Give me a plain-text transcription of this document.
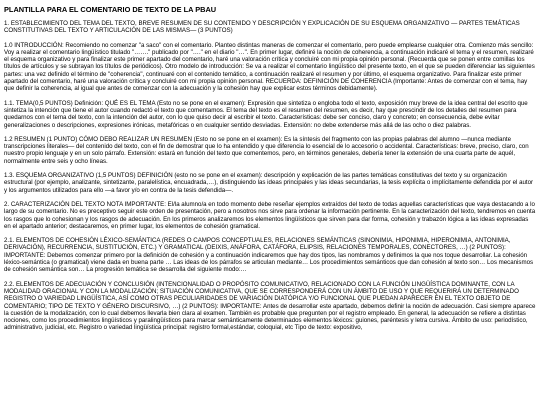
PLANTILLA PARA EL COMENTARIO DE TEXTO DE LA PBAU

1. ESTABLECIMIENTO DEL TEMA DEL TEXTO, BREVE RESUMEN DE SU CONTENIDO Y DESCRIPCIÓN Y EXPLICACIÓN DE SU ESQUEMA ORGANIZATIVO — PARTES TEMÁTICAS CONSTITUTIVAS DEL TEXTO Y ARTICULACIÓN DE LAS MISMAS— (3 PUNTOS)

1.0 INTRODUCCIÓN: Recomiendo no comenzar "a saco" con el comentario. Planteo distintas maneras de comenzar el comentario, pero puede emplearse cualquier otra. Comienzo más sencillo: Voy a realizar el comentario lingüístico titulado "……." publicado por "…." en el diario "…". En primer lugar, definiré la noción de coherencia, a continuación indicaré el tema y el resumen, realizaré el esquema organizativo y para finalizar este primer apartado del comentario, haré una valoración crítica y concluiré con mi propia opinión personal. (Recuerda que se ponen entre comillas los títulos de artículos y se subrayan los títulos de periódicos). Otro modelo de introducción: Se va a realizar el comentario lingüístico del presente texto, en el que se pueden diferenciar las siguientes partes: una vez definido el término de "coherencia", continuaré con el contenido temático, a continuación realizaré el resumen y por último, el esquema organizativo. Para finalizar este primer apartado del comentario, haré una valoración crítica y concluiré con mi propia opinión personal. RECUERDA: DEFINICIÓN DE COHERENCIA (Importante: Antes de comenzar con el tema, hay que definir la coherencia, al igual que antes de comenzar con la adecuación y la cohesión hay que explicar estos términos debidamente).

1.1. TEMA(0,5 PUNTOS) Definición: QUÉ ES EL TEMA (Esto no se pone en el examen): Expresión que sintetiza o engloba todo el texto, exposición muy breve de la idea central del escrito que sintetiza la intención que tiene el autor cuando redactó el texto que comentamos. El tema del texto es el resumen del resumen, es decir, hay que prescindir de los detalles del resumen para quedarnos con el tema del texto, con la intención del autor, con lo que quiso decir al escribir el texto. Características: debe ser conciso, claro y concreto; en consecuencia, debe evitar generalizaciones o descripciones, expresiones irónicas, metafóricas o en cualquier sentido desviadas. Extensión: no debe extenderse más allá de las ocho o diez palabras.

1.2 RESUMEN (1 PUNTO) CÓMO DEBO REALIZAR UN RESUMEN (Esto no se pone en el examen): Es la síntesis del fragmento con las propias palabras del alumno —nunca mediante transcripciones literales— del contenido del texto, con el fin de demostrar que lo ha entendido y que diferencia lo esencial de lo accesorio o accidental. Características: breve, preciso, claro, con nuestro propio lenguaje y en un solo párrafo. Extensión: estará en función del texto que comentemos, pero, en términos generales, debería tener la extensión de una cuarta parte de aquél, normalmente entre seis y ocho líneas.

1.3. ESQUEMA ORGANIZATIVO (1,5 PUNTOS) DEFINICIÓN (esto no se pone en el examen): descripción y explicación de las partes temáticas constitutivas del texto y su organización estructural (por ejemplo, analizante, sintetizante, paralelística, encuadrada,…), distinguiendo las ideas principales y las ideas secundarias, la tesis explícita o implícitamente defendida por el autor y los argumentos utilizados para ello —a favor y/o en contra de la tesis defendida—.

2. CARACTERIZACIÓN DEL TEXTO NOTA IMPORTANTE: El/la alumno/a en todo momento debe reseñar ejemplos extraídos del texto de todas aquellas características que vaya destacando a lo largo de su comentario. No es preceptivo seguir este orden de presentación, pero a nosotros nos sirve para ordenar la información pertinente. En la caracterización del texto, tendremos en cuenta los rasgos que lo cohesionan y los rasgos de adecuación. En los primeros analizaremos los elementos lingüísticos que sirven para dar forma, cohesión y trabazón lógica a las ideas expresadas en el apartado anterior; destacaremos, en primer lugar, los elementos de cohesión gramatical.

2.1. ELEMENTOS DE COHESIÓN LÉXICO-SEMÁNTICA (REDES O CAMPOS CONCEPTUALES, RELACIONES SEMÁNTICAS (SINONIMIA, HIPONIMIA, HIPERONIMIA, ANTONIMIA, DERIVACIÓN), RECURRENCIA, SUSTITUCIÓN, ETC.) Y GRAMATICAL (DEIXIS, ANÁFORA, CATÁFORA, ELIPSIS, RELACIONES TEMPORALES, CONECTORES, …) (2 PUNTOS): IMPORTANTE: Debemos comenzar primero por la definición de cohesión y a continuación indicaremos que hay dos tipos, las nombramos y definimos la que nos toque desarrollar. La cohesión léxico-semántica (o gramatical) viene dada en buena parte … Las ideas de los párrafos se articulan mediante… Los procedimientos semánticos que dan cohesión al texto son… Los mecanismos de cohesión semántica son… La progresión temática se desarrolla del siguiente modo:…

2.2. ELEMENTOS DE ADECUACIÓN Y CONCLUSIÓN (INTENCIONALIDAD O PROPÓSITO COMUNICATIVO, RELACIONADO CON LA FUNCIÓN LINGÜÍSTICA DOMINANTE, CON LA MODALIDAD ORACIONAL Y CON LA MODALIZACIÓN; SITUACIÓN COMUNICATIVA, QUE SE CORRESPONDERÁ CON UN ÁMBITO DE USO Y QUE REQUERIRÁ UN DETERMINADO REGISTRO O VARIEDAD LINGÜÍSTICA, ASÍ COMO OTRAS PECULIARIDADES DE VARIACIÓN DIATÓPICA Y/O FUNCIONAL QUE PUEDAN APARECER EN EL TEXTO OBJETO DE COMENTARIO; TIPO DE TEXTO Y GÉNERO DISCURSIVO, …) (2 PUNTOS): IMPORTANTE: Antes de desarrollar este apartado, debemos definir la noción de adecuación. Casi siempre aparece la cuestión de la modalización, con lo cual debemos llevarla bien clara al examen. También es probable que pregunten por el registro empleado. En general, la adecuación se refiere a distintas nociones, como los procedimientos lingüísticos y paralingüísticos para marcar semánticamente determinados elementos léxicos: guiones, paréntesis y letra cursiva. Ámbito de uso: periodístico, administrativo, judicial, etc. Registro o variedad lingüística principal: registro formal,estándar, coloquial, etc Tipo de texto: expositivo,
